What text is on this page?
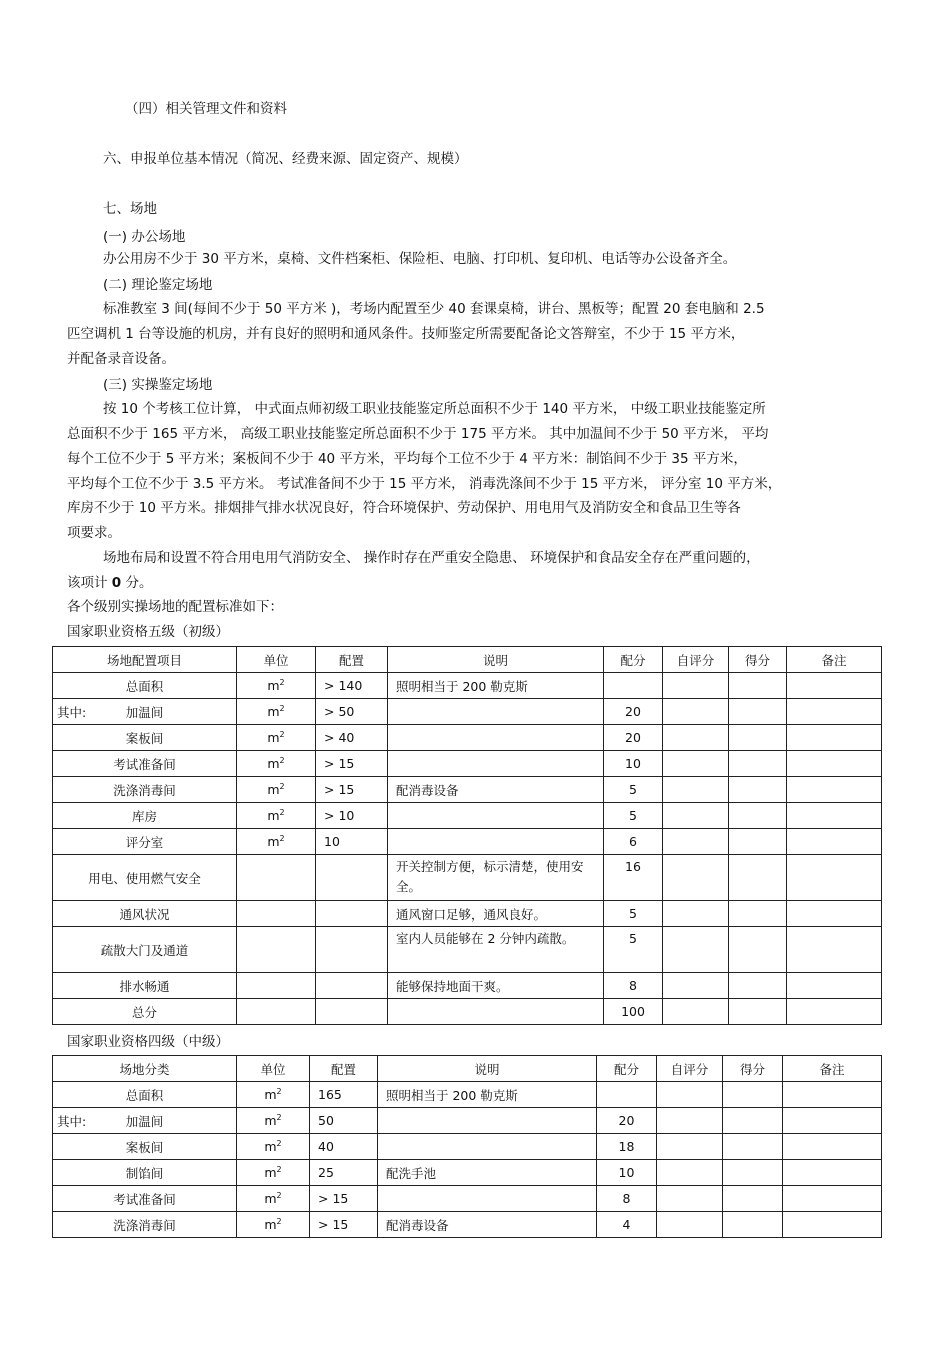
（四）相关管理文件和资料
六、申报单位基本情况（简况、经费来源、固定资产、规模）
七、场地
(一) 办公场地
办公用房不少于 30 平方米，桌椅、文件档案柜、保险柜、电脑、打印机、复印机、电话等办公设备齐全。
(二) 理论鉴定场地
标准教室 3 间(每间不少于 50 平方米 )，考场内配置至少 40 套课桌椅，讲台、黑板等；配置 20 套电脑和 2.5
匹空调机 1 台等设施的机房，并有良好的照明和通风条件。技师鉴定所需要配备论文答辩室，不少于 15 平方米，
并配备录音设备。
(三) 实操鉴定场地
按 10 个考核工位计算， 中式面点师初级工职业技能鉴定所总面积不少于 140 平方米， 中级工职业技能鉴定所
总面积不少于 165 平方米， 高级工职业技能鉴定所总面积不少于 175 平方米。 其中加温间不少于 50 平方米， 平均
每个工位不少于 5 平方米；案板间不少于 40 平方米，平均每个工位不少于 4 平方米：制馅间不少于 35 平方米，
平均每个工位不少于 3.5 平方米。 考试准备间不少于 15 平方米， 消毒洗涤间不少于 15 平方米， 评分室 10 平方米，
库房不少于 10 平方米。排烟排气排水状况良好，符合环境保护、劳动保护、用电用气及消防安全和食品卫生等各
项要求。
场地布局和设置不符合用电用气消防安全、 操作时存在严重安全隐患、 环境保护和食品安全存在严重问题的，
该项计 0 分。
各个级别实操场地的配置标准如下：
国家职业资格五级（初级）
场地配置项目	单位	配置	说明	配分	自评分	得分	备注
总面积	$m^2$	> 140	照明相当于 200 勒克斯				

其中: 加温间	$m^2$	> 50		20			
案板间	$m^2$	> 40		20			
考试准备间	$m^2$	> 15		10			
洗涤消毒间	$m^2$	> 15	配消毒设备	5			
库房	$m^2$	> 10		5			
评分室	$m^2$	10		6			
用电、使用燃气安全			开关控制方便，标示清楚，使用安全。	16			
通风状况			通风窗口足够，通风良好。	5			
疏散大门及通道			室内人员能够在 2 分钟内疏散。	5			
排水畅通			能够保持地面干爽。	8			
总分				100			
国家职业资格四级（中级）
场地分类	单位	配置	说明	配分	自评分	得分	备注
总面积	$m^2$	165	照明相当于 200 勒克斯				

其中: 加温间	$m^2$	50		20			
案板间	$m^2$	40		18			
制馅间	$m^2$	25	配洗手池	10			
考试准备间	$m^2$	> 15		8			
洗涤消毒间	$m^2$	> 15	配消毒设备	4			
